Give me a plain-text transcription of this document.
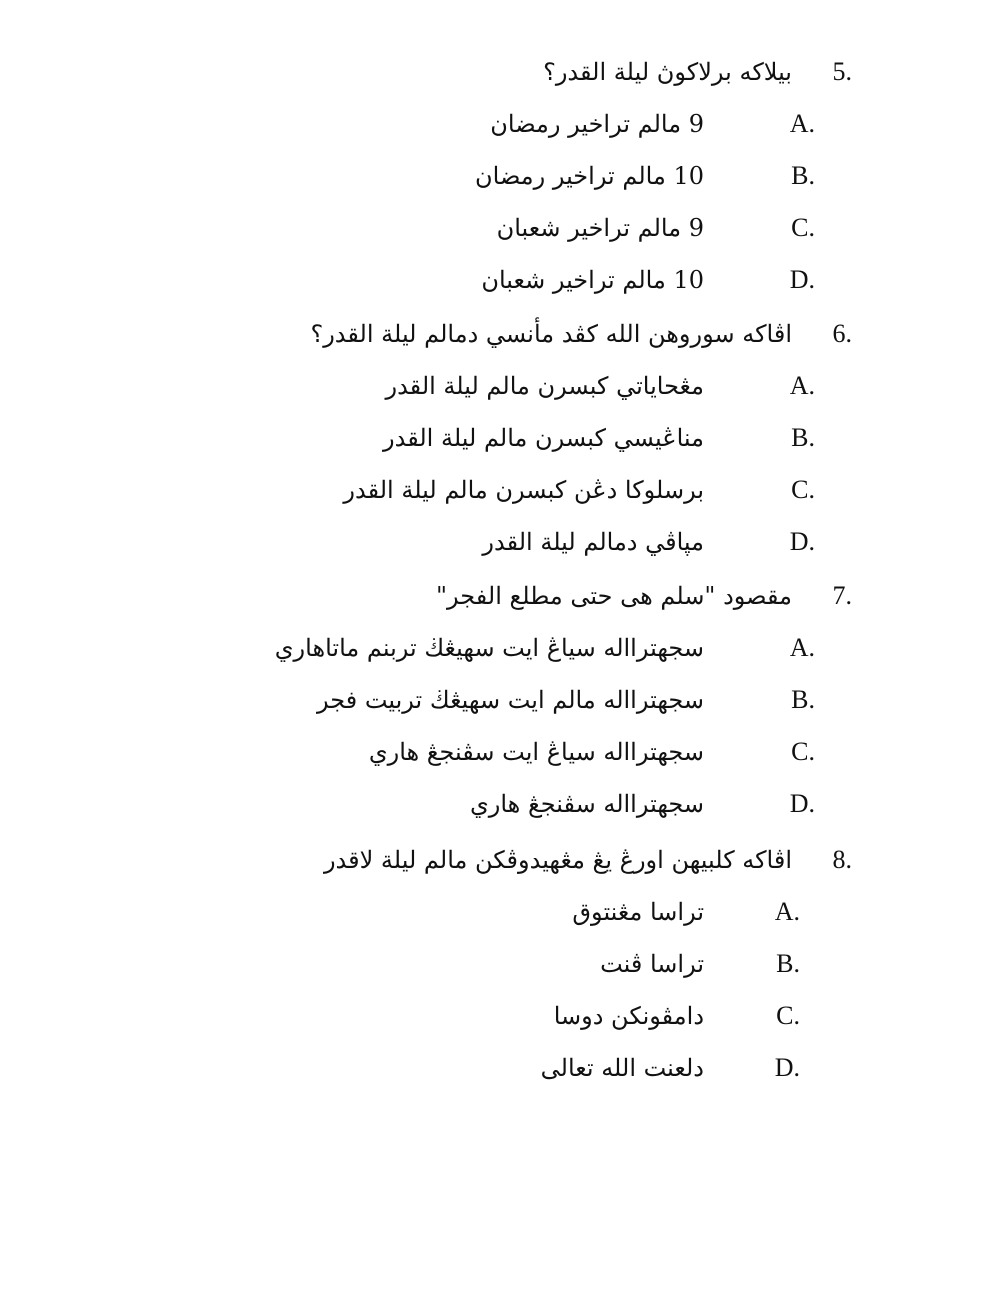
5.
بيلاكه برلاكوڽ ليلة القدر؟
A.
9 مالم تراخير رمضان
B.
10 مالم تراخير رمضان
C.
9 مالم تراخير شعبان
D.
10 مالم تراخير شعبان
6.
اڤاكه سوروهن الله كڤد مأنسي دمالم ليلة القدر؟
A.
مڠحاياتي كبسرن مالم ليلة القدر
B.
مناڠيسي كبسرن مالم ليلة القدر
C.
برسلوكا دڠن كبسرن مالم ليلة القدر
D.
مڽاڤي دمالم ليلة القدر
7.
مقصود "سلم هى حتى مطلع الفجر"
A.
سجهترااله سياڠ ايت سهيڠڬ تربنم ماتاهاري
B.
سجهترااله مالم ايت سهيڠڬ تربيت فجر
C.
سجهترااله سياڠ ايت سڤنجڠ هاري
D.
سجهترااله سڤنجڠ هاري
8.
اڤاكه كلبيهن اورڠ يڠ مڠهيدوڤكن مالم ليلة لاقدر
A.
تراسا مڠنتوق
B.
تراسا ڤنت
C.
دامڤونكن دوسا
D.
دلعنت الله تعالى
